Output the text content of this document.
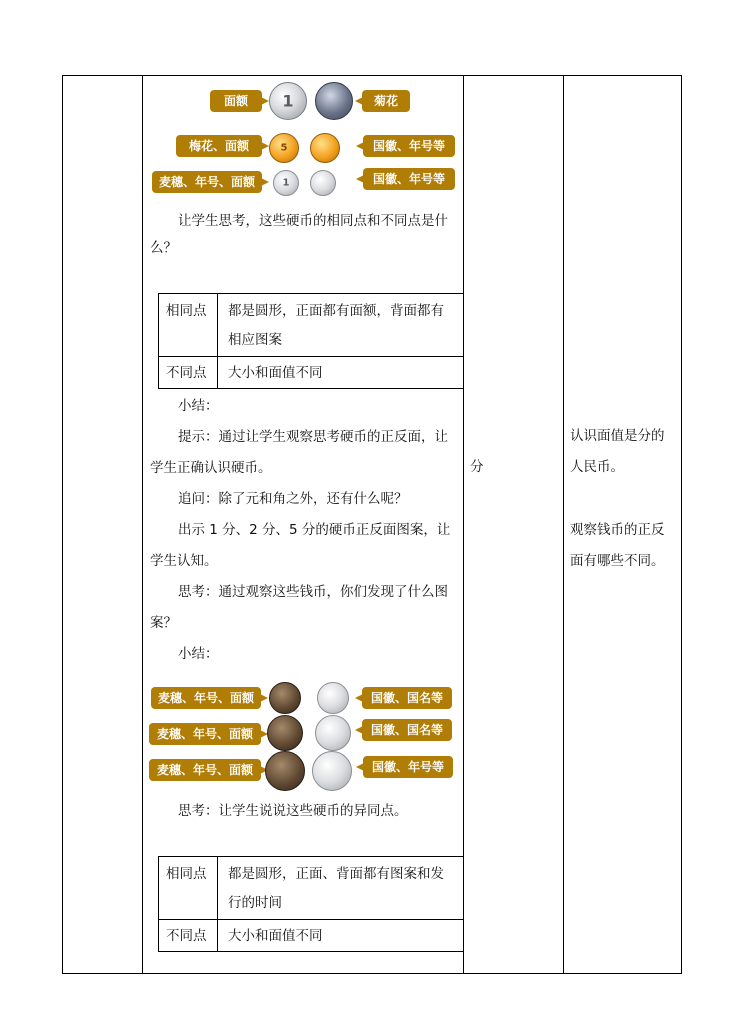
面额	1	菊花
梅花、面额	5	国徽、年号等
麦穗、年号、面额	1	国徽、年号等
让学生思考，这些硬币的相同点和不同点是什
么？
相同点 都是圆形，正面都有面额，背面都有
相应图案
不同点 大小和面值不同
小结：
提示：通过让学生观察思考硬币的正反面，让
学生正确认识硬币。
追问：除了元和角之外，还有什么呢？
出示 1 分、2 分、5 分的硬币正反面图案，让
学生认知。
思考：通过观察这些钱币，你们发现了什么图
案？
小结：
麦穗、年号、面额	国徽、国名等
麦穗、年号、面额	国徽、国名等
麦穗、年号、面额	国徽、年号等
思考：让学生说说这些硬币的异同点。
相同点 都是圆形，正面、背面都有图案和发
行的时间
不同点 大小和面值不同
分
认识面值是分的
人民币。
观察钱币的正反
面有哪些不同。
